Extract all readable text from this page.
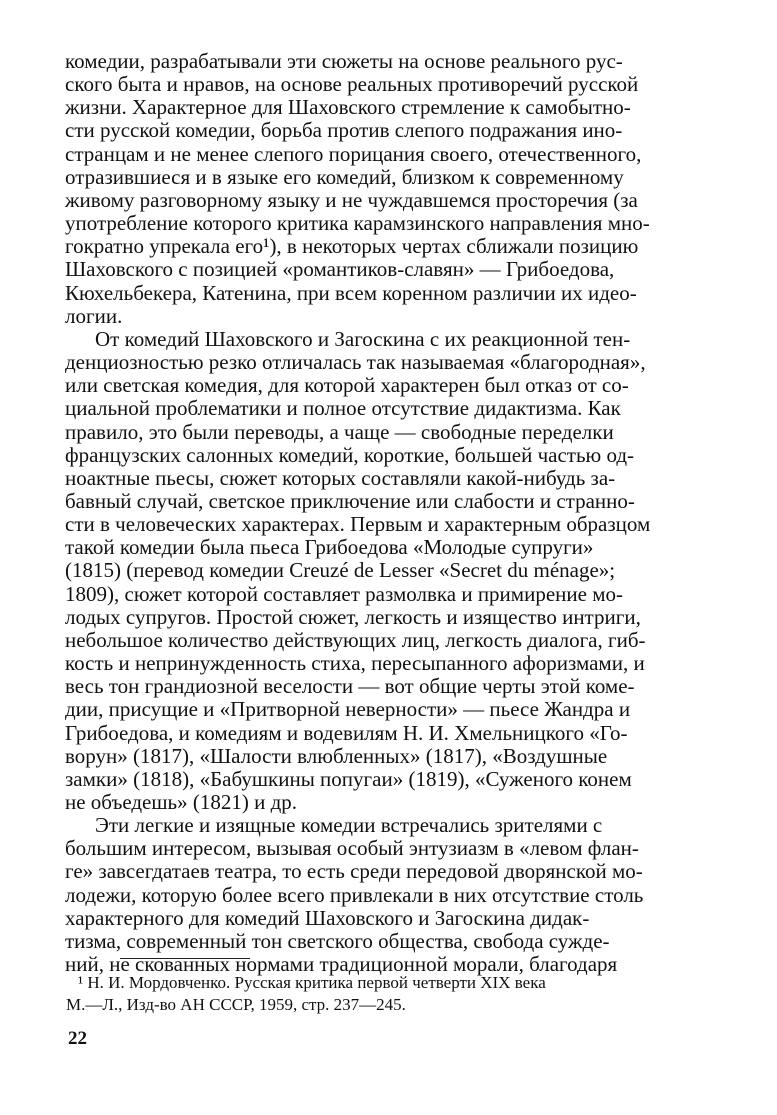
комедии, разрабатывали эти сюжеты на основе реального рус-
ского быта и нравов, на основе реальных противоречий русской
жизни. Характерное для Шаховского стремление к самобытно-
сти русской комедии, борьба против слепого подражания ино-
странцам и не менее слепого порицания своего, отечественного,
отразившиеся и в языке его комедий, близком к современному
живому разговорному языку и не чуждавшемся просторечия (за
употребление которого критика карамзинского направления мно-
гократно упрекала его¹), в некоторых чертах сближали позицию
Шаховского с позицией «романтиков-славян» — Грибоедова,
Кюхельбекера, Катенина, при всем коренном различии их идео-
логии.
От комедий Шаховского и Загоскина с их реакционной тен-
денциозностью резко отличалась так называемая «благородная»,
или светская комедия, для которой характерен был отказ от со-
циальной проблематики и полное отсутствие дидактизма. Как
правило, это были переводы, а чаще — свободные переделки
французских салонных комедий, короткие, большей частью од-
ноактные пьесы, сюжет которых составляли какой-нибудь за-
бавный случай, светское приключение или слабости и странно-
сти в человеческих характерах. Первым и характерным образцом
такой комедии была пьеса Грибоедова «Молодые супруги»
(1815) (перевод комедии Creuzé de Lesser «Secret du ménage»;
1809), сюжет которой составляет размолвка и примирение мо-
лодых супругов. Простой сюжет, легкость и изящество интриги,
небольшое количество действующих лиц, легкость диалога, гиб-
кость и непринужденность стиха, пересыпанного афоризмами, и
весь тон грандиозной веселости — вот общие черты этой коме-
дии, присущие и «Притворной неверности» — пьесе Жандра и
Грибоедова, и комедиям и водевилям Н. И. Хмельницкого «Го-
ворун» (1817), «Шалости влюбленных» (1817), «Воздушные
замки» (1818), «Бабушкины попугаи» (1819), «Суженого конем
не объедешь» (1821) и др.
Эти легкие и изящные комедии встречались зрителями с
большим интересом, вызывая особый энтузиазм в «левом флан-
ге» завсегдатаев театра, то есть среди передовой дворянской мо-
лодежи, которую более всего привлекали в них отсутствие столь
характерного для комедий Шаховского и Загоскина дидак-
тизма, современный тон светского общества, свобода сужде-
ний, не скованных нормами традиционной морали, благодаря
¹ Н. И. Мордовченко. Русская критика первой четверти XIX века
М.—Л., Изд-во АН СССР, 1959, стр. 237—245.
22
